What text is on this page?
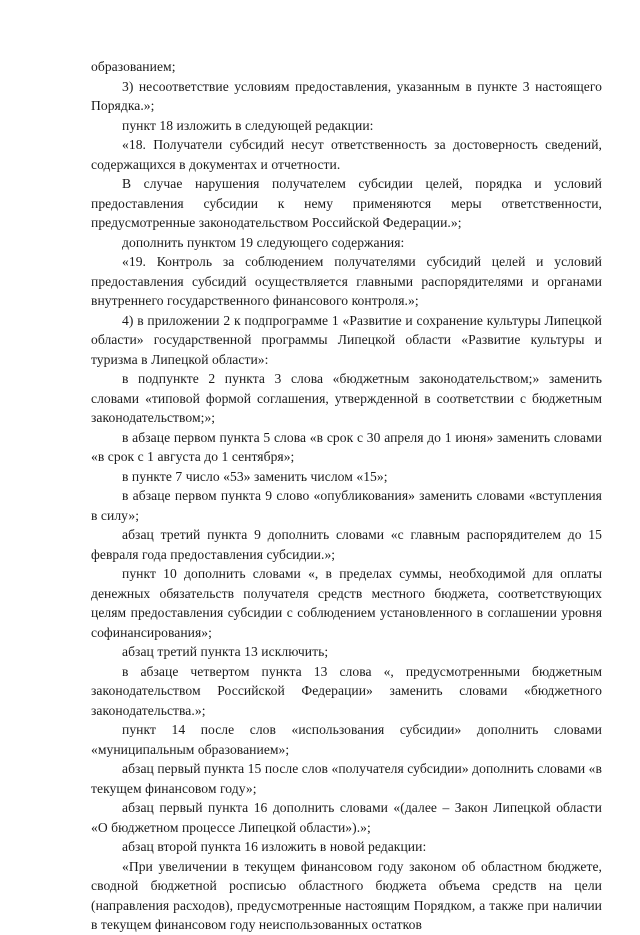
образованием;

3) несоответствие условиям предоставления, указанным в пункте 3 настоящего Порядка.»;

пункт 18 изложить в следующей редакции:

«18. Получатели субсидий несут ответственность за достоверность сведений, содержащихся в документах и отчетности.

В случае нарушения получателем субсидии целей, порядка и условий предоставления субсидии к нему применяются меры ответственности, предусмотренные законодательством Российской Федерации.»;

дополнить пунктом 19 следующего содержания:

«19. Контроль за соблюдением получателями субсидий целей и условий предоставления субсидий осуществляется главными распорядителями и органами внутреннего государственного финансового контроля.»;

4) в приложении 2 к подпрограмме 1 «Развитие и сохранение культуры Липецкой области» государственной программы Липецкой области «Развитие культуры и туризма в Липецкой области»:

в подпункте 2 пункта 3 слова «бюджетным законодательством;» заменить словами «типовой формой соглашения, утвержденной в соответствии с бюджетным законодательством;»;

в абзаце первом пункта 5 слова «в срок с 30 апреля до 1 июня» заменить словами «в срок с 1 августа до 1 сентября»;

в пункте 7 число «53» заменить числом «15»;

в абзаце первом пункта 9 слово «опубликования» заменить словами «вступления в силу»;

абзац третий пункта 9 дополнить словами «с главным распорядителем до 15 февраля года предоставления субсидии.»;

пункт 10 дополнить словами «, в пределах суммы, необходимой для оплаты денежных обязательств получателя средств местного бюджета, соответствующих целям предоставления субсидии с соблюдением установленного в соглашении уровня софинансирования»;

абзац третий пункта 13 исключить;

в абзаце четвертом пункта 13 слова «, предусмотренными бюджетным законодательством Российской Федерации» заменить словами «бюджетного законодательства.»;

пункт 14 после слов «использования субсидии» дополнить словами «муниципальным образованием»;

абзац первый пункта 15 после слов «получателя субсидии» дополнить словами «в текущем финансовом году»;

абзац первый пункта 16 дополнить словами «(далее – Закон Липецкой области «О бюджетном процессе Липецкой области»).»;

абзац второй пункта 16 изложить в новой редакции:

«При увеличении в текущем финансовом году законом об областном бюджете, сводной бюджетной росписью областного бюджета объема средств на цели (направления расходов), предусмотренные настоящим Порядком, а также при наличии в текущем финансовом году неиспользованных остатков
